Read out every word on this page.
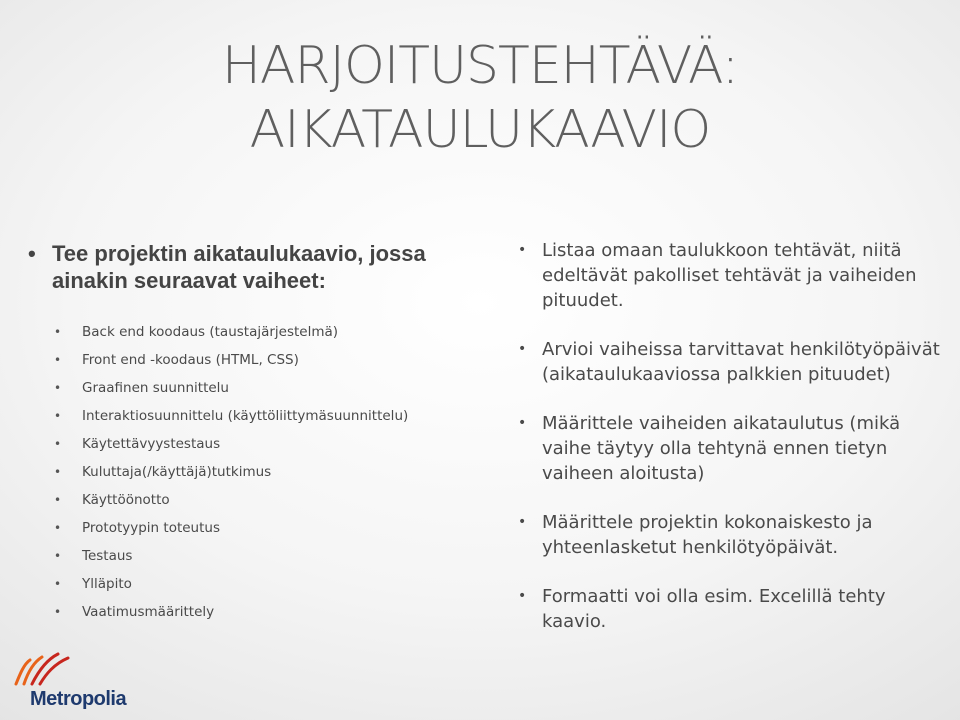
HARJOITUSTEHTÄVÄ:
AIKATAULUKAAVIO

• Tee projektin aikataulukaavio, jossa ainakin seuraavat vaiheet:

• Back end koodaus (taustajärjestelmä)
• Front end -koodaus (HTML, CSS)
• Graafinen suunnittelu
• Interaktiosuunnittelu (käyttöliittymäsuunnittelu)
• Käytettävyystestaus
• Kuluttaja(/käyttäjä)tutkimus
• Käyttöönotto
• Prototyypin toteutus
• Testaus
• Ylläpito
• Vaatimusmäärittely
• Listaa omaan taulukkoon tehtävät, niitä edeltävät pakolliset tehtävät ja vaiheiden pituudet.
• Arvioi vaiheissa tarvittavat henkilötyöpäivät (aikataulukaaviossa palkkien pituudet)
• Määrittele vaiheiden aikataulutus (mikä vaihe täytyy olla tehtynä ennen tietyn vaiheen aloitusta)
• Määrittele projektin kokonaiskesto ja yhteenlasketut henkilötyöpäivät.
• Formaatti voi olla esim. Excelillä tehty kaavio.
Metropolia
